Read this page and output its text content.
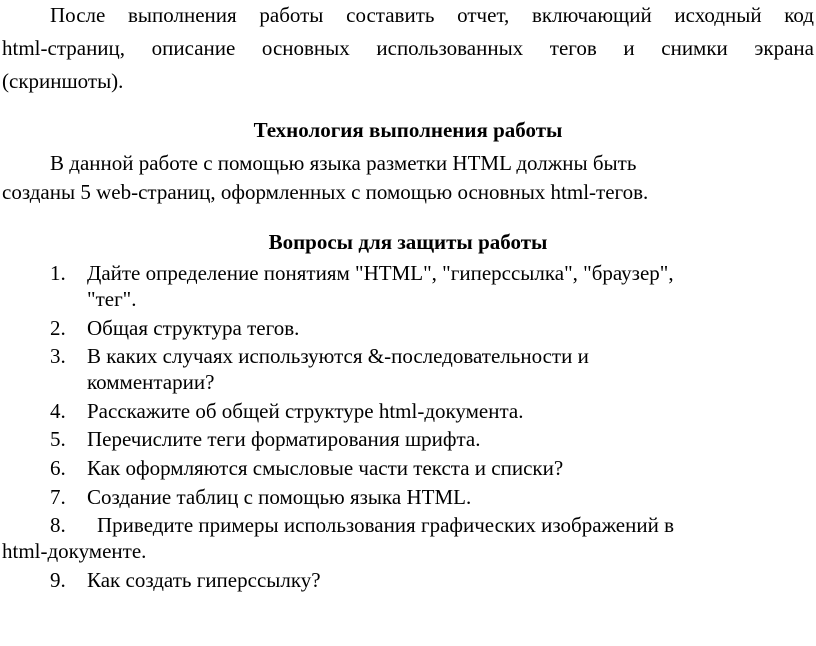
После выполнения работы составить отчет, включающий исходный код
html-страниц, описание основных использованных тегов и снимки экрана
(скриншоты).
Технология выполнения работы
В данной работе с помощью языка разметки HTML должны быть
созданы 5 web-страниц, оформленных с помощью основных html-тегов.
Вопросы для защиты работы
1. Дайте определение понятиям "HTML", "гиперссылка", "браузер",
"тег".
2. Общая структура тегов.
3. В каких случаях используются &-последовательности и
комментарии?
4. Расскажите об общей структуре html-документа.
5. Перечислите теги форматирования шрифта.
6. Как оформляются смысловые части текста и списки?
7. Создание таблиц с помощью языка HTML.
8. Приведите примеры использования графических изображений в
html-документе.
9. Как создать гиперссылку?
